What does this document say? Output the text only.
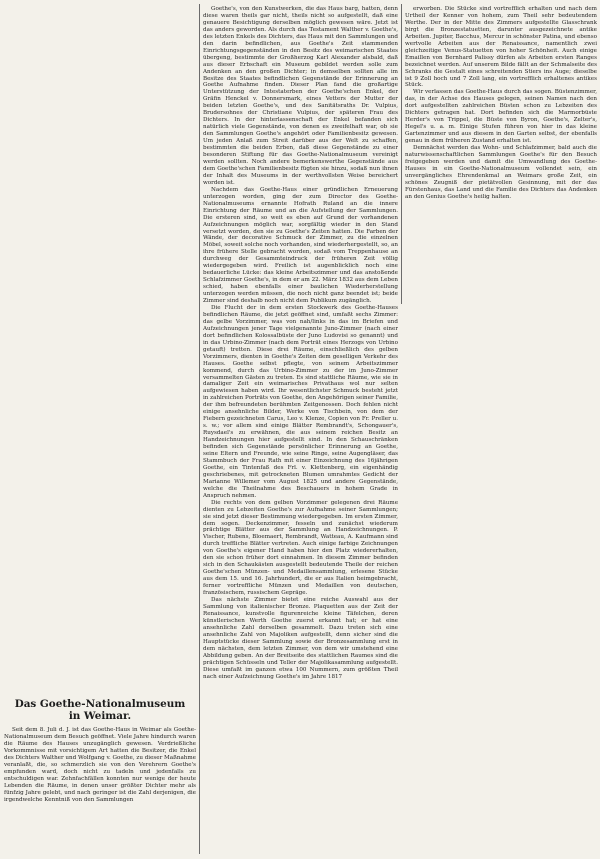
Das Goethe-Nationalmuseum in Weimar.

Seit dem 8. Juli d. J. ist das Goethe-Haus in Weimar als Goethe-Nationalmuseum dem Besuch geöffnet. Viele Jahre hindurch waren die Räume des Hauses unzugänglich gewesen. Verdrießliche Vorkommnisse mit vorsichtigem Art hatten die Besitzer, die Enkel des Dichters Walther und Wolfgang v. Goethe, zu dieser Maßnahme veranlaßt, die, so schmerzlich sie von den Verehrern Goethe's empfunden ward, doch nicht zu tadeln und jedenfalls zu entschuldigen war. Zehnfachfällen konnten nur wenige der heute Lebenden die Räume, in denen unser größter Dichter mehr als fünfzig Jahre gelebt, und nach geringer ist die Zahl derjenigen, die irgendwelche Kenntniß von den Sammlungen

Goethe's, von den Kunstwerken, die das Haus barg, hatten, denn diese waren theils gar nicht, theils nicht so aufgestellt, daß eine genauere Besichtigung derselben möglich gewesen wäre. Jetzt ist das anders geworden. Als durch das Testament Walther v. Goethe's, des letzten Enkels des Dichters, das Haus mit den Sammlungen und den darin befindlichen, aus Goethe's Zeit stammenden Einrichtungsgegenständen in den Besitz des weimarischen Staates übergeng, bestimmte der Großherzog Karl Alexander alsbald, daß aus dieser Erbschaft ein Museum gebildet werden solle zum Andenken an den großen Dichter; in demselben sollten alle im Besitze des Staates befindlichen Gegenstände der Erinnerung an Goethe Aufnahme finden. Dieser Plan fand die großartige Unterstützung der Intestaterben der Goethe'schen Enkel, der Gräfin Henckel v. Donnersmark, eines Vetters der Mutter der beiden letzten Goethe's, und des Sanitätsraths Dr. Vulpius, Brudersohnes der Christiane Vulpius, der späteren Frau des Dichters. In der hinterlassenschaft der Enkel befanden sich natürlich viele Gegenstände, von denen es zweifelhaft war, ob sie den Sammlungen Goethe's angehört oder Familienbesitz gewesen. Um jeden Anlaß zum Streit darüber aus der Welt zu schaffen, bestimmten die beiden Erben, daß diese Gegenstände zu einer besonderen Stiftung für das Goethe-Nationalmuseum vereinigt werden sollten. Noch andere bemerkenswerthe Gegenstände aus dem Goethe'schen Familienbesitz fügten sie hinzu, sodaß nun ihnen der Inhalt des Museums in der werthvollsten Weise bereichert worden ist.

Nachdem das Goethe-Haus einer gründlichen Erneuerung unterzogen worden, ging der zum Director des Goethe-Nationalmuseums ernannte Hofrath Ruland an die innere Einrichtung der Räume und an die Aufstellung der Sammlungen. Die ersteren sind, so weit es eben auf Grund der vorhandenen Aufzeichnungen möglich war, sorgfältig wieder in den Stand versetzt worden, den sie zu Goethe's Zeiten hatten. Die Farben der Wände, der decorative Schmuck der Zimmer, zu die einzelnen Möbel, soweit solche noch vorhanden, sind wiederhergestellt, so, an ihre frühere Stelle gebracht worden, sodaß vom Treppenhause an durchweg der Gesammteindruck der früheren Zeit völlig wiedergegeben wird. Freilich ist augenblicklich noch eine bedauerliche Lücke: das kleine Arbeitszimmer und das anstoßende Schlafzimmer Goethe's, in dem er am 22. März 1832 aus dem Leben schied, haben ebenfalls einer baulichen Wiederherstellung unterzogen werden müssen, die noch nicht ganz beendet ist; beide Zimmer sind deshalb noch nicht dem Publikum zugänglich.

Die Flucht der in dem ersten Stockwerk des Goethe-Hauses befindlichen Räume, die jetzt geöffnet sind, umfaßt sechs Zimmer: das gelbe Vorzimmer, was von nah/links in das im Briefen und Aufzeichnungen jener Tage vielgenannte Juno-Zimmer (nach einer dort befindlichen Kolossalbüste der Juno Ludovisi so genannt) und in das Urbino-Zimmer (nach dem Porträt eines Herzogs von Urbino getauft) tretten. Diese drei Räume, einschließlich des gelben Vorzimmers, dienten in Goethe's Zeiten dem geselligen Verkehr des Hauses. Goethe selbst pflegte, von seinem Arbeitszimmer kommend, durch das Urbino-Zimmer zu der im Juno-Zimmer versammelten Gästen zu treten. Es sind stattliche Räume, wie sie in damaliger Zeit ein weimarisches Privathaus wol nur selten aufgewiesen haben wird. Ihr wesentlichster Schmuck besteht jetzt in zahlreichen Porträts von Goethe, den Angehörigen seiner Familie, der ihm befreundeten berühmten Zeitgenossen. Doch fehlen nicht einige ansehnliche Bilder, Werke von Tischbein, von dem der Fiebern gezeichneten Carus, Leo v. Klenze, Copien von Fr. Preller u. s. w.; vor allem sind einige Blätter Rembrandt's, Schongauer's, Ruysdael's zu erwähnen, die aus seinem reichen Besitz an Handzeichnungen hier aufgestellt sind. In den Schauschränken befinden sich Gegenstände persönlicher Erinnerung an Goethe, seine Eltern und Freunde, wie seine Ringe, seine Augengläser, das Stammbuch der Frau Rath mit einer Einzeichnung des 16jährigen Goethe, ein Tintenfaß des Frl. v. Klettenberg, ein eigenhändig geschriebenes, mit getrockneten Blumen umrahmtes Gedicht der Marianne Willemer vom August 1825 und andere Gegenstände, welche die Theilnahme des Beschauers in hohem Grade in Anspruch nehmen.

Die rechts von dem gelben Vorzimmer gelegenen drei Räume dienten zu Lebzeiten Goethe's zur Aufnahme seiner Sammlungen; sie sind jetzt dieser Bestimmung wiedergegeben. Im ersten Zimmer, dem sogen. Deckenzimmer, fesseln und zunächst wiederum prächtige Blätter aus der Sammlung an Handzeichnungen. P. Vischer, Rubens, Bloemaert, Rembrandt, Watteau, A. Kaufmann sind durch treffliche Blätter vertreten. Auch einige farbige Zeichnungen von Goethe's eigener Hand haben hier den Platz wiedererhalten, den sie schon früher dort einnahmen. In diesem Zimmer befinden sich in den Schaukästen ausgestellt bedeutende Theile der reichen Goethe'schen Münzen- und Medaillensammlung, erlesene Stücke aus dem 15. und 16. Jahrhundert, die er aus Italien heimgebracht, ferner vortreffliche Münzen und Medaillen von deutschen, französischem, russischem Gepräge.

Das nächste Zimmer bietet eine reiche Auswahl aus der Sammlung von italienischer Bronze. Plaquetten aus der Zeit der Renaissance, kunstvolle figurenreiche kleine Täfelchen, deren künstlerischen Werth Goethe zuerst erkannt hat; er hat eine ansehnliche Zahl derselben gesammelt. Dazu treten sich eine ansehnliche Zahl von Majoliken aufgestellt, denn sicher sind die Hauptstücke dieser Sammlung sowie der Bronzesammlung erst in dem nächsten, dem letzten Zimmer, von dem wir umstehend eine Abbildung geben. An der Breitseite des stattlichen Raumes sind die prächtigen Schüsseln und Teller der Majolikasammlung aufgestellt. Diese umfaßt im ganzen etwa 100 Nummern, zum größten Theil nach einer Aufzeichnung Goethe's im Jahre 1817

erworben. Die Stücke sind vortrefflich erhalten und nach dem Urtheil der Kenner von hohem, zum Theil sehr bedeutendem Werthe. Der in der Mitte des Zimmers aufgestellte Glasschrank birgt die Bronzestatuetten, darunter ausgezeichnete antike Arbeiten. Jupiter, Bacchus, Mercur in schönster Patina, und ebenso wertvolle Arbeiten aus der Renaissance, namentlich zwei gleichzeitige Venus-Statuetten von hoher Schönheit. Auch einige Emaillen von Bernhard Palissy dürfen als Arbeiten ersten Ranges bezeichnet werden. Auf unserem Bilde fällt an der Schmalseite des Schranks die Gestalt eines schreitenden Stiers ins Auge; dieselbe ist 9 Zoll hoch und 7 Zoll lang, ein vortrefflich erhaltenes antikes Stück.

Wir verlassen das Goethe-Haus durch das sogen. Büstenzimmer, das, in der Achse des Hauses gelegen, seinen Namen nach den dort aufgestellten zahlreichen Büsten schon zu Lebzeiten des Dichters getragen hat. Dort befinden sich die Marmorbüste Herder's von Trippel, die Büste von Byron, Goethe's, Zelter's, Hegel's u. a. m. Einige Stufen führen von hier in das kleine Gartenzimmer und aus diesem in den Garten selbst, der ebenfalls genau in dem früheren Zustand erhalten ist.

Demnächst werden das Wohn- und Schlafzimmer, bald auch die naturwissenschaftlichen Sammlungen Goethe's für den Besuch freigegeben werden und damit die Umwandlung des Goethe-Hauses in ein Goethe-Nationalmuseum vollendet sein, ein unvergängliches Ehrendenkmal an Weimars große Zeit, ein schönes Zeugniß der pietätvollen Gesinnung, mit der das Fürstenhaus, das Land und die Familie des Dichters das Andenken an den Genius Goethe's heilig halten.
